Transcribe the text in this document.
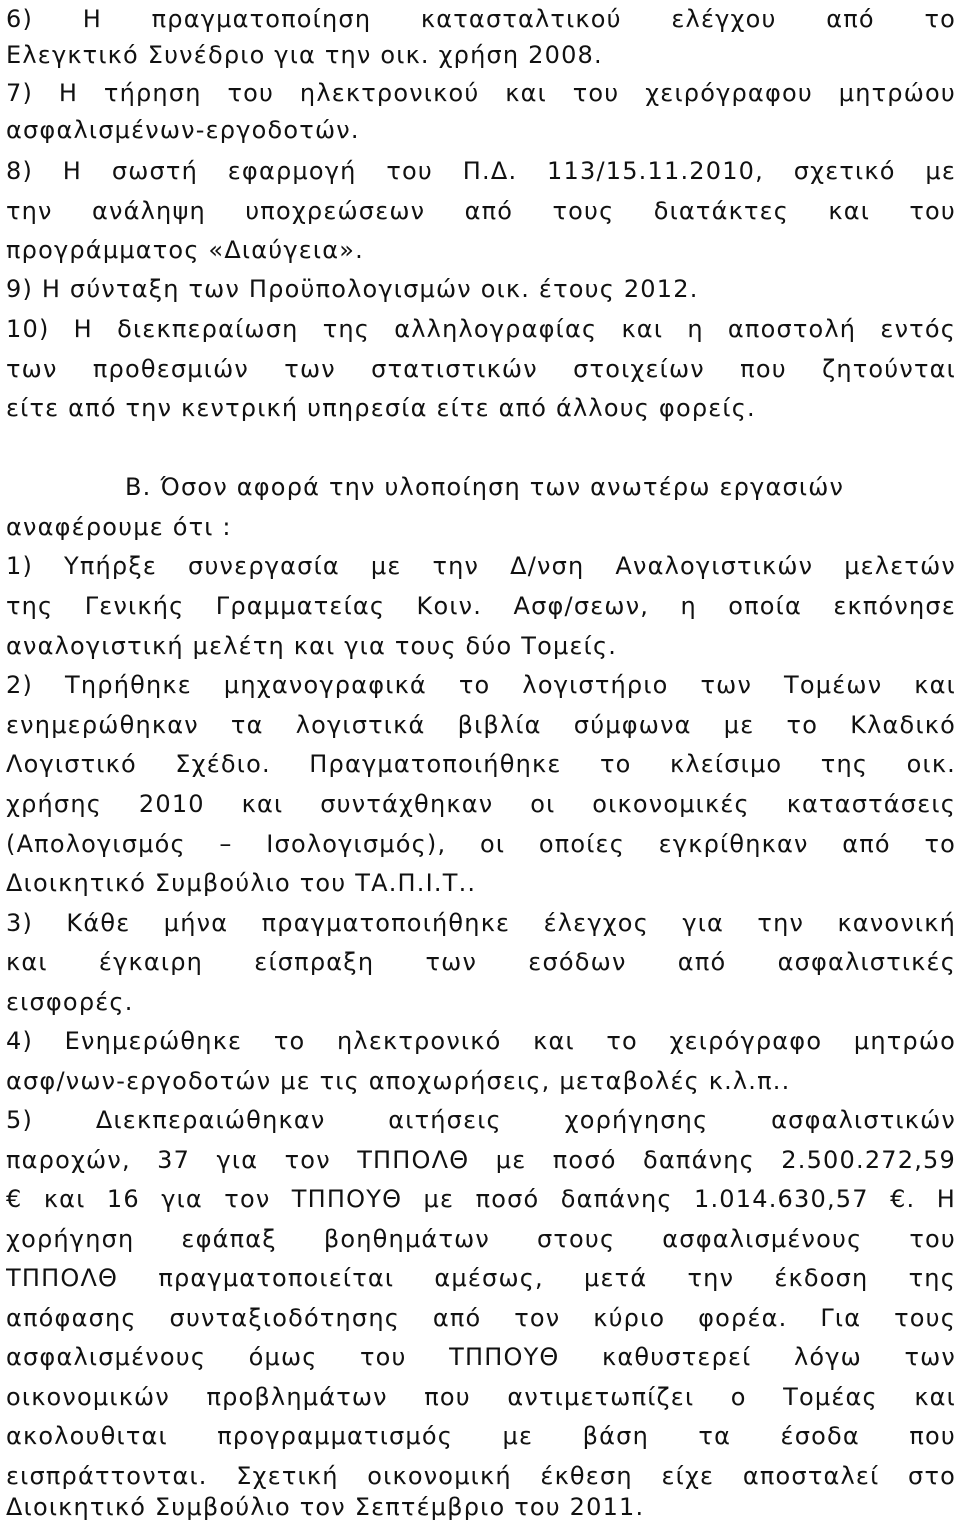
6) Η πραγματοποίηση κατασταλτικού ελέγχου από το
Ελεγκτικό Συνέδριο για την οικ. χρήση 2008.
7) Η τήρηση του ηλεκτρονικού και του χειρόγραφου μητρώου
ασφαλισμένων-εργοδοτών.
8) Η σωστή εφαρμογή του Π.Δ. 113/15.11.2010, σχετικό με
την ανάληψη υποχρεώσεων από τους διατάκτες και του
προγράμματος «Διαύγεια».
9) Η σύνταξη των Προϋπολογισμών οικ. έτους 2012.
10) Η διεκπεραίωση της αλληλογραφίας και η αποστολή εντός
των προθεσμιών των στατιστικών στοιχείων που ζητούνται
είτε από την κεντρική υπηρεσία είτε από άλλους φορείς.
Β. Όσον αφορά την υλοποίηση των ανωτέρω εργασιών
αναφέρουμε ότι :
1) Υπήρξε συνεργασία με την Δ/νση Αναλογιστικών μελετών
της Γενικής Γραμματείας Κοιν. Ασφ/σεων, η οποία εκπόνησε
αναλογιστική μελέτη και για τους δύο Τομείς.
2) Τηρήθηκε μηχανογραφικά το λογιστήριο των Τομέων και
ενημερώθηκαν τα λογιστικά βιβλία σύμφωνα με το Κλαδικό
Λογιστικό Σχέδιο. Πραγματοποιήθηκε το κλείσιμο της οικ.
χρήσης 2010 και συντάχθηκαν οι οικονομικές καταστάσεις
(Απολογισμός – Ισολογισμός), οι οποίες εγκρίθηκαν από το
Διοικητικό Συμβούλιο του ΤΑ.Π.Ι.Τ..
3) Κάθε μήνα πραγματοποιήθηκε έλεγχος για την κανονική
και έγκαιρη είσπραξη των εσόδων από ασφαλιστικές
εισφορές.
4) Ενημερώθηκε το ηλεκτρονικό και το χειρόγραφο μητρώο
ασφ/νων-εργοδοτών με τις αποχωρήσεις, μεταβολές κ.λ.π..
5) Διεκπεραιώθηκαν αιτήσεις χορήγησης ασφαλιστικών
παροχών, 37 για τον ΤΠΠΟΛΘ με ποσό δαπάνης 2.500.272,59
€ και 16 για τον ΤΠΠΟΥΘ με ποσό δαπάνης 1.014.630,57 €. Η
χορήγηση εφάπαξ βοηθημάτων στους ασφαλισμένους του
ΤΠΠΟΛΘ πραγματοποιείται αμέσως, μετά την έκδοση της
απόφασης συνταξιοδότησης από τον κύριο φορέα. Για τους
ασφαλισμένους όμως του ΤΠΠΟΥΘ καθυστερεί λόγω των
οικονομικών προβλημάτων που αντιμετωπίζει ο Τομέας και
ακολουθιται προγραμματισμός με βάση τα έσοδα που
εισπράττονται. Σχετική οικονομική έκθεση είχε αποσταλεί στο
Διοικητικό Συμβούλιο τον Σεπτέμβριο του 2011.
